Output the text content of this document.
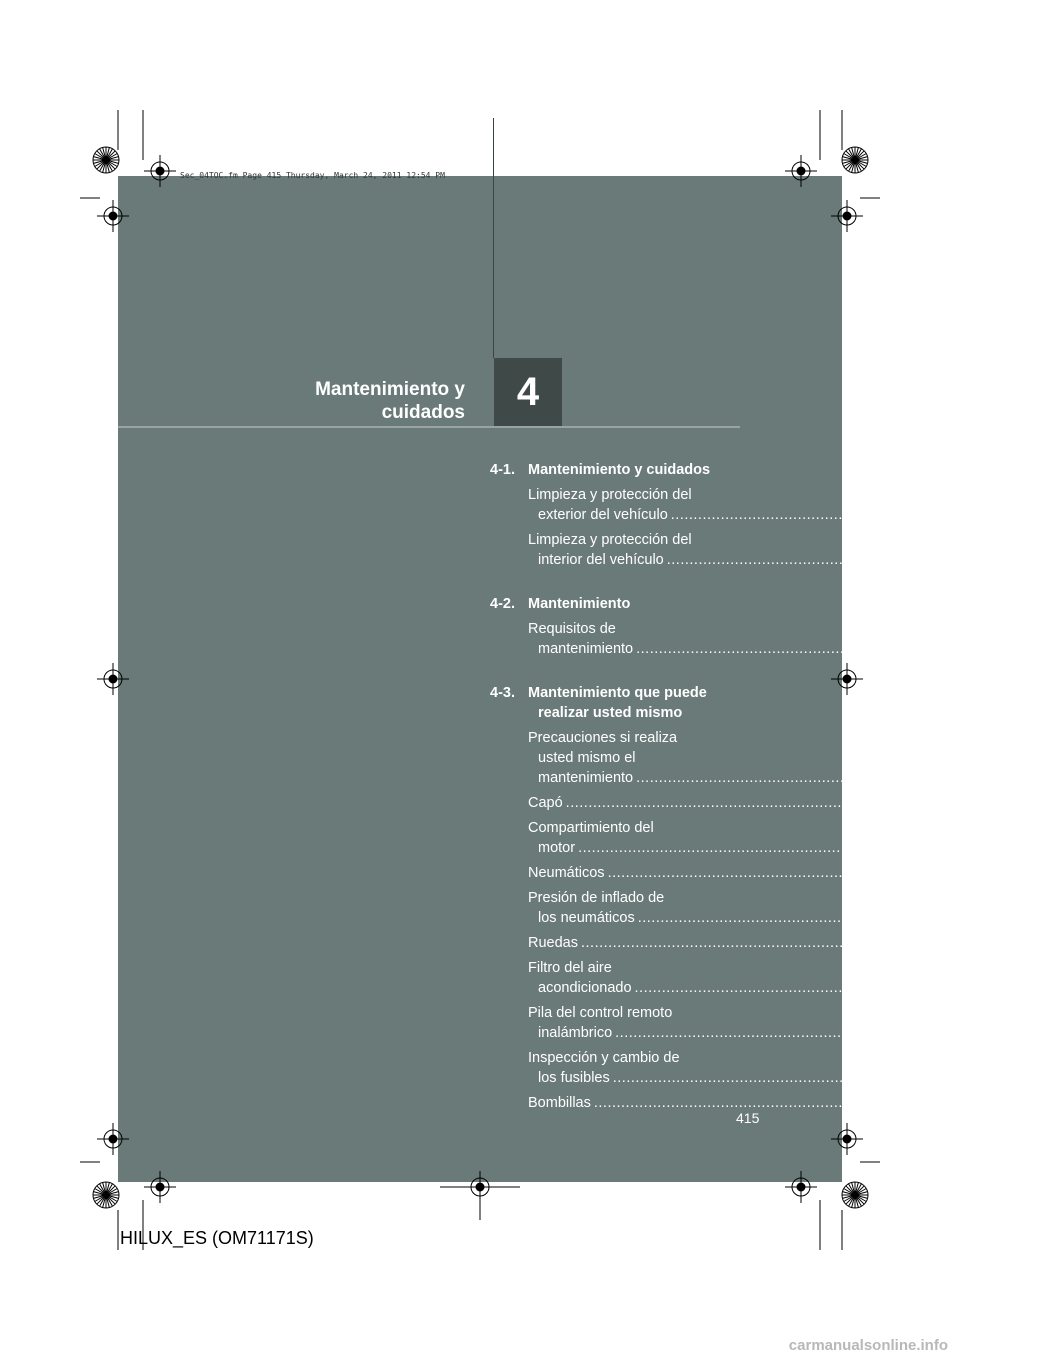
Sec_04TOC.fm Page 415 Thursday, March 24, 2011 12:54 PM
Mantenimiento y
cuidados 4
4-1. Mantenimiento y cuidados
Limpieza y protección del
exterior del vehículo ................................................................................ 416
Limpieza y protección del
interior del vehículo ................................................................................ 420
4-2. Mantenimiento
Requisitos de
mantenimiento ................................................................................ 424
4-3. Mantenimiento que puede
realizar usted mismo
Precauciones si realiza
usted mismo el
mantenimiento ................................................................................ 428
Capó ................................................................................ 432
Compartimiento del
motor ................................................................................ 434
Neumáticos ................................................................................ 450
Presión de inflado de
los neumáticos ................................................................................ 454
Ruedas ................................................................................ 456
Filtro del aire
acondicionado ................................................................................ 458
Pila del control remoto
inalámbrico ................................................................................ 460
Inspección y cambio de
los fusibles ................................................................................ 463
Bombillas ................................................................................ 479
415
HILUX_ES (OM71171S)
carmanualsonline.info
